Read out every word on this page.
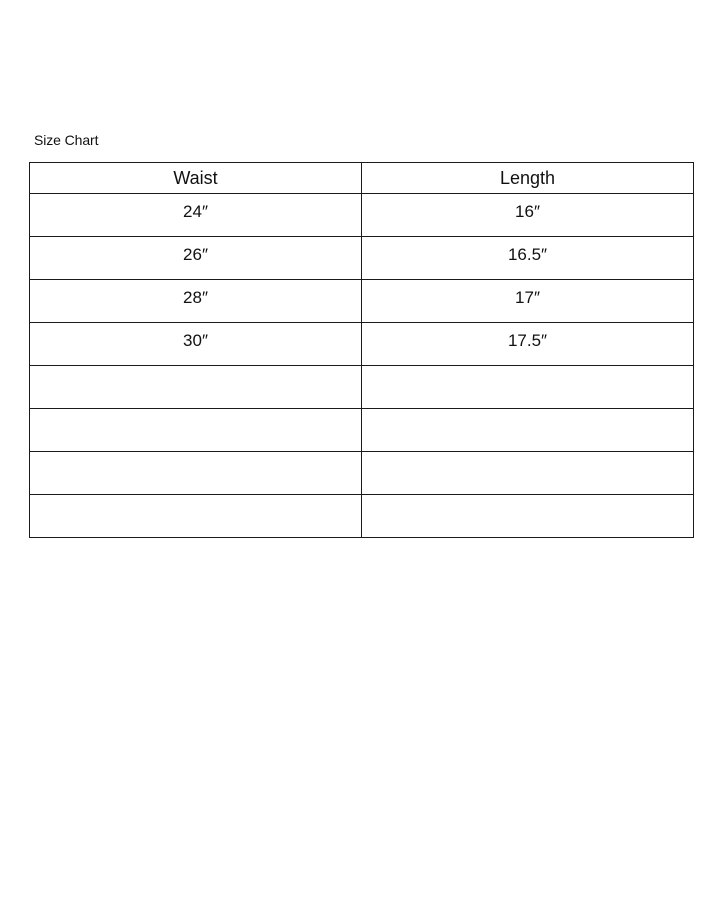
Size Chart
Waist	Length
24″	16″
26″	16.5″
28″	17″
30″	17.5″
